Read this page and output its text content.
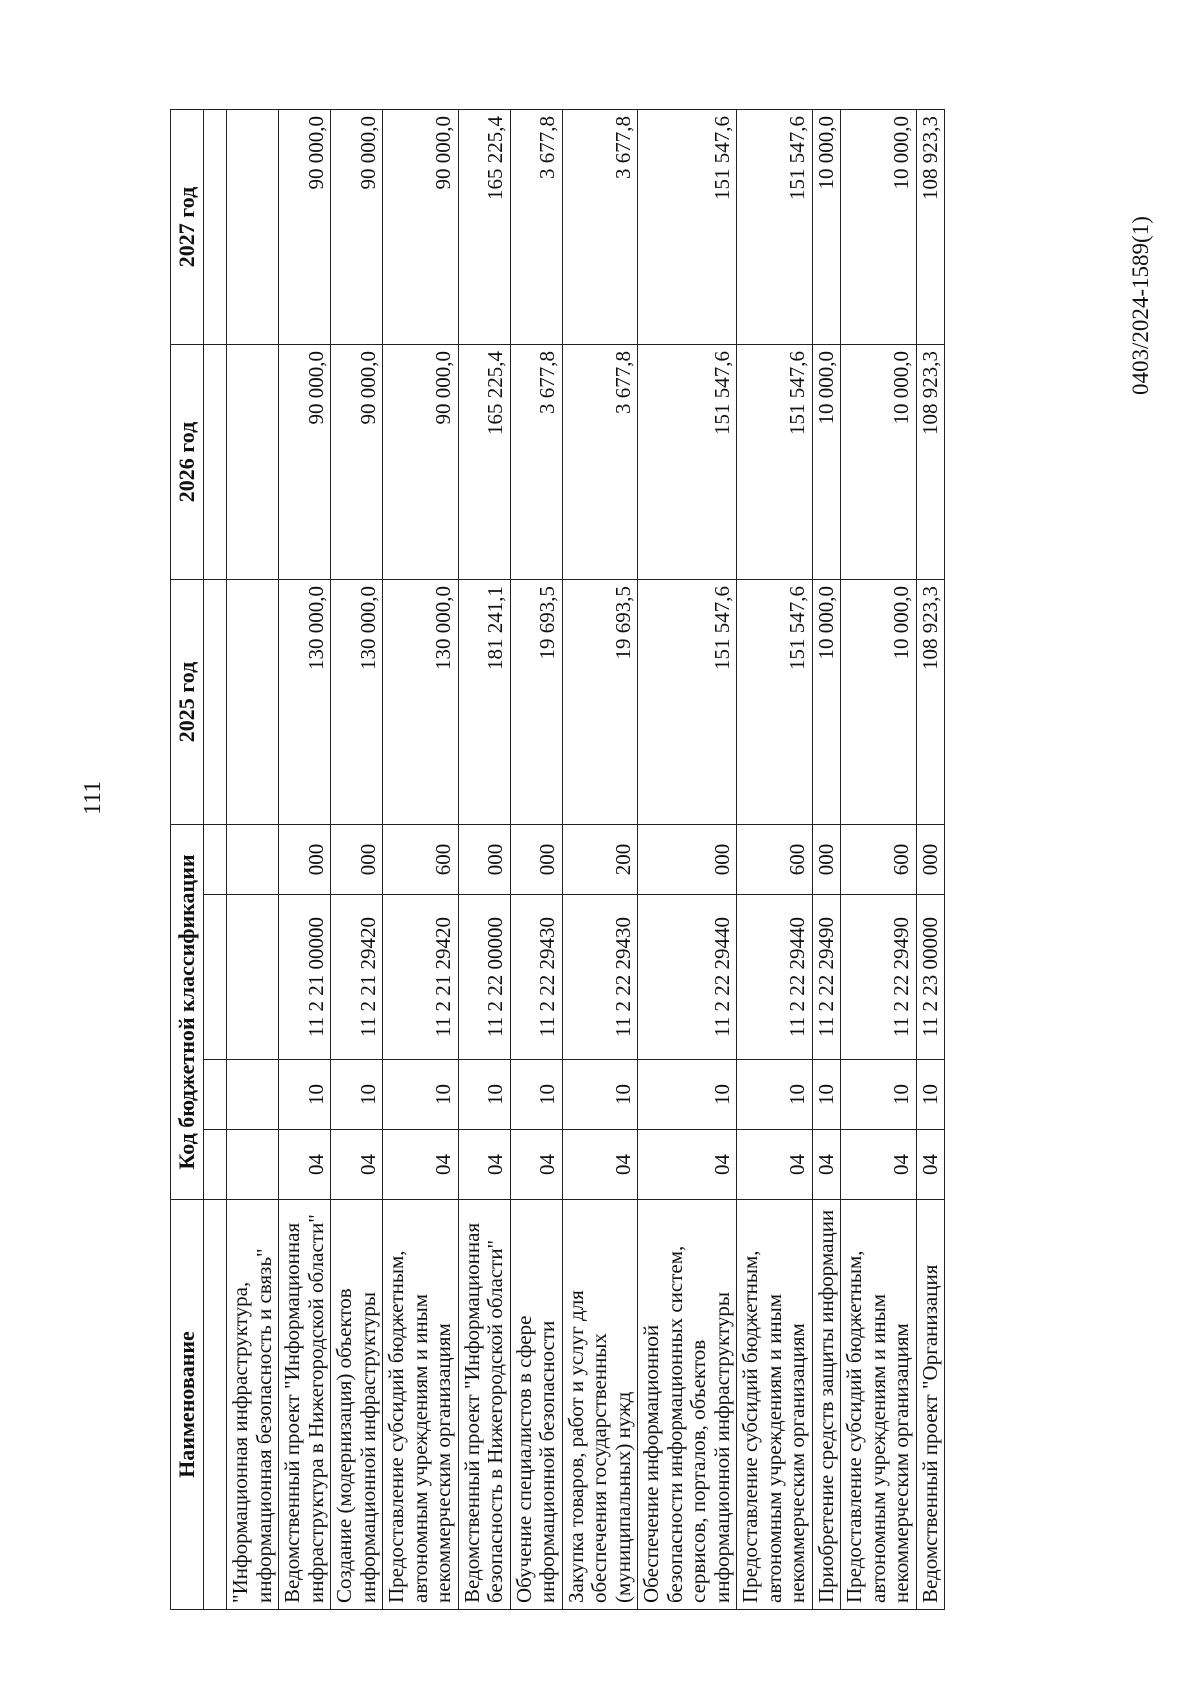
111
Наименование	Код бюджетной классификации				2025 год	2026 год	2027 год

"Информационная инфраструктура, информационная безопасность и связь"							
Ведомственный проект "Информационная инфраструктура в Нижегородской области"	04	10	11 2 21 00000	000	130 000,0	90 000,0	90 000,0
Создание (модернизация) объектов информационной инфраструктуры	04	10	11 2 21 29420	000	130 000,0	90 000,0	90 000,0
Предоставление субсидий бюджетным, автономным учреждениям и иным некоммерческим организациям	04	10	11 2 21 29420	600	130 000,0	90 000,0	90 000,0
Ведомственный проект "Информационная безопасность в Нижегородской области"	04	10	11 2 22 00000	000	181 241,1	165 225,4	165 225,4
Обучение специалистов в сфере информационной безопасности	04	10	11 2 22 29430	000	19 693,5	3 677,8	3 677,8
Закупка товаров, работ и услуг для обеспечения государственных (муниципальных) нужд	04	10	11 2 22 29430	200	19 693,5	3 677,8	3 677,8
Обеспечение информационной безопасности информационных систем, сервисов, порталов, объектов информационной инфраструктуры	04	10	11 2 22 29440	000	151 547,6	151 547,6	151 547,6
Предоставление субсидий бюджетным, автономным учреждениям и иным некоммерческим организациям	04	10	11 2 22 29440	600	151 547,6	151 547,6	151 547,6
Приобретение средств защиты информации	04	10	11 2 22 29490	000	10 000,0	10 000,0	10 000,0
Предоставление субсидий бюджетным, автономным учреждениям и иным некоммерческим организациям	04	10	11 2 22 29490	600	10 000,0	10 000,0	10 000,0
Ведомственный проект "Организация	04	10	11 2 23 00000	000	108 923,3	108 923,3	108 923,3
0403/2024-1589(1)
